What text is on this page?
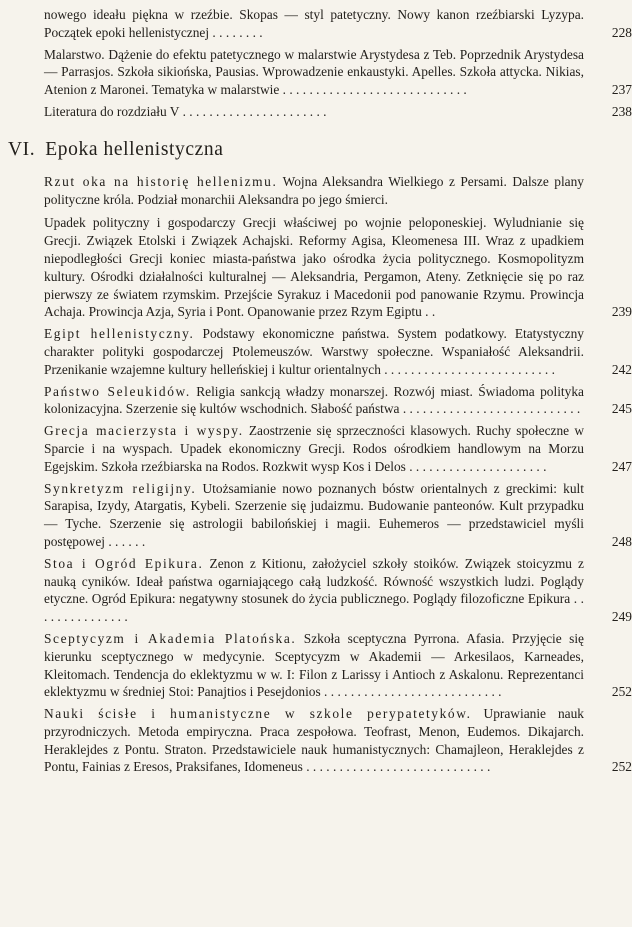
nowego ideału piękna w rzeźbie. Skopas — styl patetyczny. Nowy kanon rzeźbiarski Lyzypa. Początek epoki hellenistycznej . . . . . . . .	228
Malarstwo. Dążenie do efektu patetycznego w malarstwie Arystydesa z Teb. Poprzednik Arystydesa — Parrasjos. Szkoła sikiońska, Pausias. Wprowadzenie enkaustyki. Apelles. Szkoła attycka. Nikias, Atenion z Maronei. Tematyka w malarstwie . . . . . . . . . . . . . . . . . . . . . . . . . . . .	237
Literatura do rozdziału V . . . . . . . . . . . . . . . . . . . . . .	238
VI. Epoka hellenistyczna
Rzut oka na historię hellenizmu. Wojna Aleksandra Wielkiego z Persami. Dalsze plany polityczne króla. Podział monarchii Aleksandra po jego śmierci.
Upadek polityczny i gospodarczy Grecji właściwej po wojnie peloponeskiej. Wyludnianie się Grecji. Związek Etolski i Związek Achajski. Reformy Agisa, Kleomenesa III. Wraz z upadkiem niepodległości Grecji koniec miasta-państwa jako ośrodka życia politycznego. Kosmopolityzm kultury. Ośrodki działalności kulturalnej — Aleksandria, Pergamon, Ateny. Zetknięcie się po raz pierwszy ze światem rzymskim. Przejście Syrakuz i Macedonii pod panowanie Rzymu. Prowincja Achaja. Prowincja Azja, Syria i Pont. Opanowanie przez Rzym Egiptu . .	239
Egipt hellenistyczny. Podstawy ekonomiczne państwa. System podatkowy. Etatystyczny charakter polityki gospodarczej Ptolemeuszów. Warstwy społeczne. Wspaniałość Aleksandrii. Przenikanie wzajemne kultury helleńskiej i kultur orientalnych . . . . . . . . . . . . . . . . . . . . . . . . . .	242
Państwo Seleukidów. Religia sankcją władzy monarszej. Rozwój miast. Świadoma polityka kolonizacyjna. Szerzenie się kultów wschodnich. Słabość państwa . . . . . . . . . . . . . . . . . . . . . . . . . . .	245
Grecja macierzysta i wyspy. Zaostrzenie się sprzeczności klasowych. Ruchy społeczne w Sparcie i na wyspach. Upadek ekonomiczny Grecji. Rodos ośrodkiem handlowym na Morzu Egejskim. Szkoła rzeźbiarska na Rodos. Rozkwit wysp Kos i Delos . . . . . . . . . . . . . . . . . . . . .	247
Synkretyzm religijny. Utożsamianie nowo poznanych bóstw orientalnych z greckimi: kult Sarapisa, Izydy, Atargatis, Kybeli. Szerzenie się judaizmu. Budowanie panteonów. Kult przypadku — Tyche. Szerzenie się astrologii babilońskiej i magii. Euhemeros — przedstawiciel myśli postępowej . . . . . .	248
Stoa i Ogród Epikura. Zenon z Kitionu, założyciel szkoły stoików. Związek stoicyzmu z nauką cyników. Ideał państwa ogarniającego całą ludzkość. Równość wszystkich ludzi. Poglądy etyczne. Ogród Epikura: negatywny stosunek do życia publicznego. Poglądy filozoficzne Epikura . . . . . . . . . . . . . . .	249
Sceptycyzm i Akademia Platońska. Szkoła sceptyczna Pyrrona. Afasia. Przyjęcie się kierunku sceptycznego w medycynie. Sceptycyzm w Akademii — Arkesilaos, Karneades, Kleitomach. Tendencja do eklektyzmu w w. I: Filon z Larissy i Antioch z Askalonu. Reprezentanci eklektyzmu w średniej Stoi: Panajtios i Pesejdonios . . . . . . . . . . . . . . . . . . . . . . . . . . .	252
Nauki ścisłe i humanistyczne w szkole perypatetyków. Uprawianie nauk przyrodniczych. Metoda empiryczna. Praca zespołowa. Teofrast, Menon, Eudemos. Dikajarch. Heraklejdes z Pontu. Straton. Przedstawiciele nauk humanistycznych: Chamajleon, Heraklejdes z Pontu, Fainias z Eresos, Praksifanes, Idomeneus . . . . . . . . . . . . . . . . . . . . . . . . . . . .	252
